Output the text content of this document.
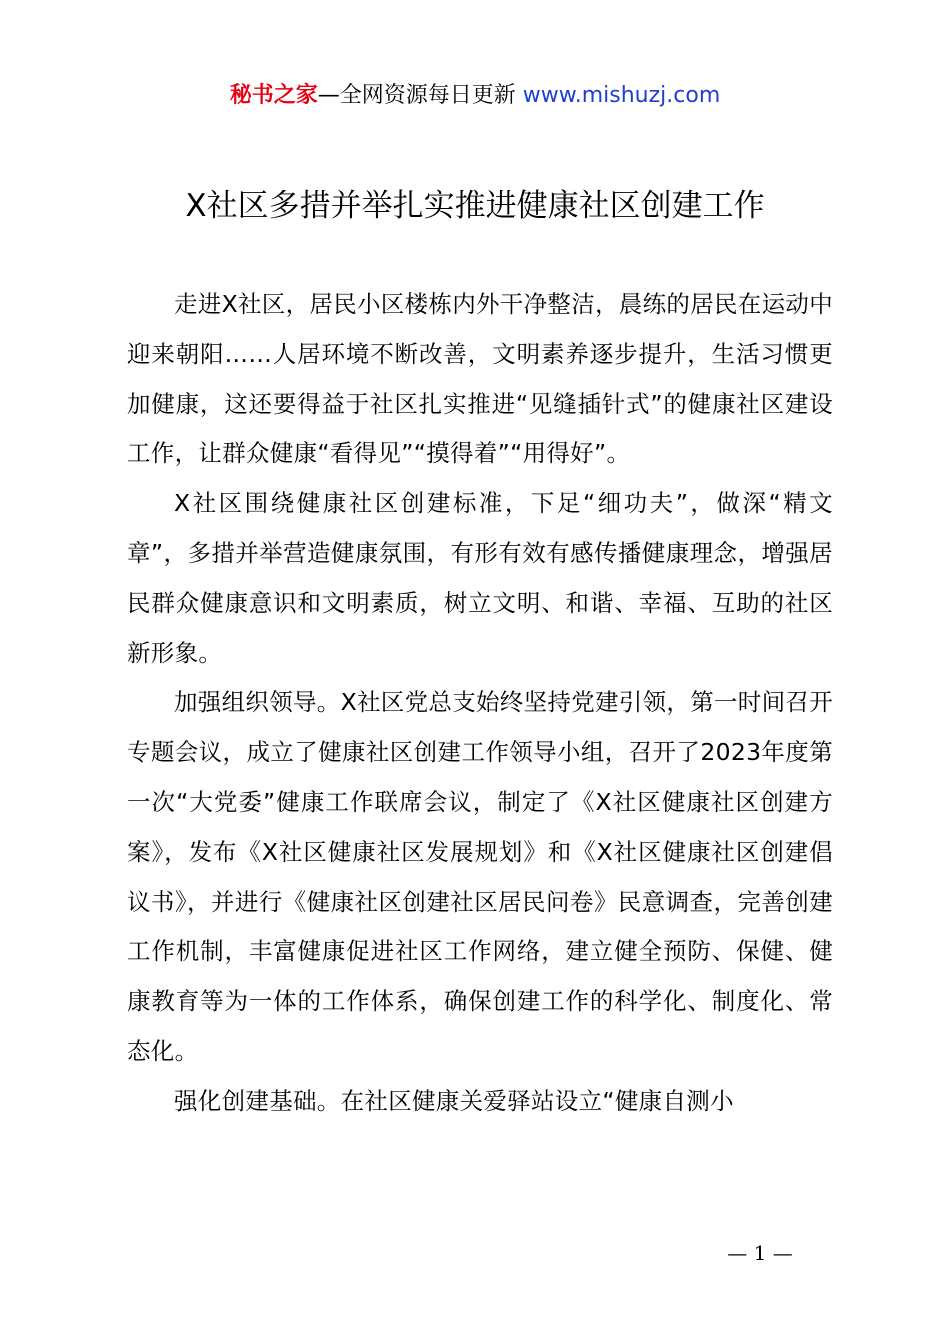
秘书之家—全网资源每日更新 www.mishuzj.com
X社区多措并举扎实推进健康社区创建工作

走进X社区，居民小区楼栋内外干净整洁，晨练的居民在运动中迎来朝阳……人居环境不断改善，文明素养逐步提升，生活习惯更加健康，这还要得益于社区扎实推进“见缝插针式”的健康社区建设工作，让群众健康“看得见”“摸得着”“用得好”。

X社区围绕健康社区创建标准，下足“细功夫”，做深“精文章”，多措并举营造健康氛围，有形有效有感传播健康理念，增强居民群众健康意识和文明素质，树立文明、和谐、幸福、互助的社区新形象。

加强组织领导。X社区党总支始终坚持党建引领，第一时间召开专题会议，成立了健康社区创建工作领导小组，召开了2023年度第一次“大党委”健康工作联席会议，制定了《X社区健康社区创建方案》，发布《X社区健康社区发展规划》和《X社区健康社区创建倡议书》，并进行《健康社区创建社区居民问卷》民意调查，完善创建工作机制，丰富健康促进社区工作网络，建立健全预防、保健、健康教育等为一体的工作体系，确保创建工作的科学化、制度化、常态化。

强化创建基础。在社区健康关爱驿站设立“健康自测小

— 1 —
